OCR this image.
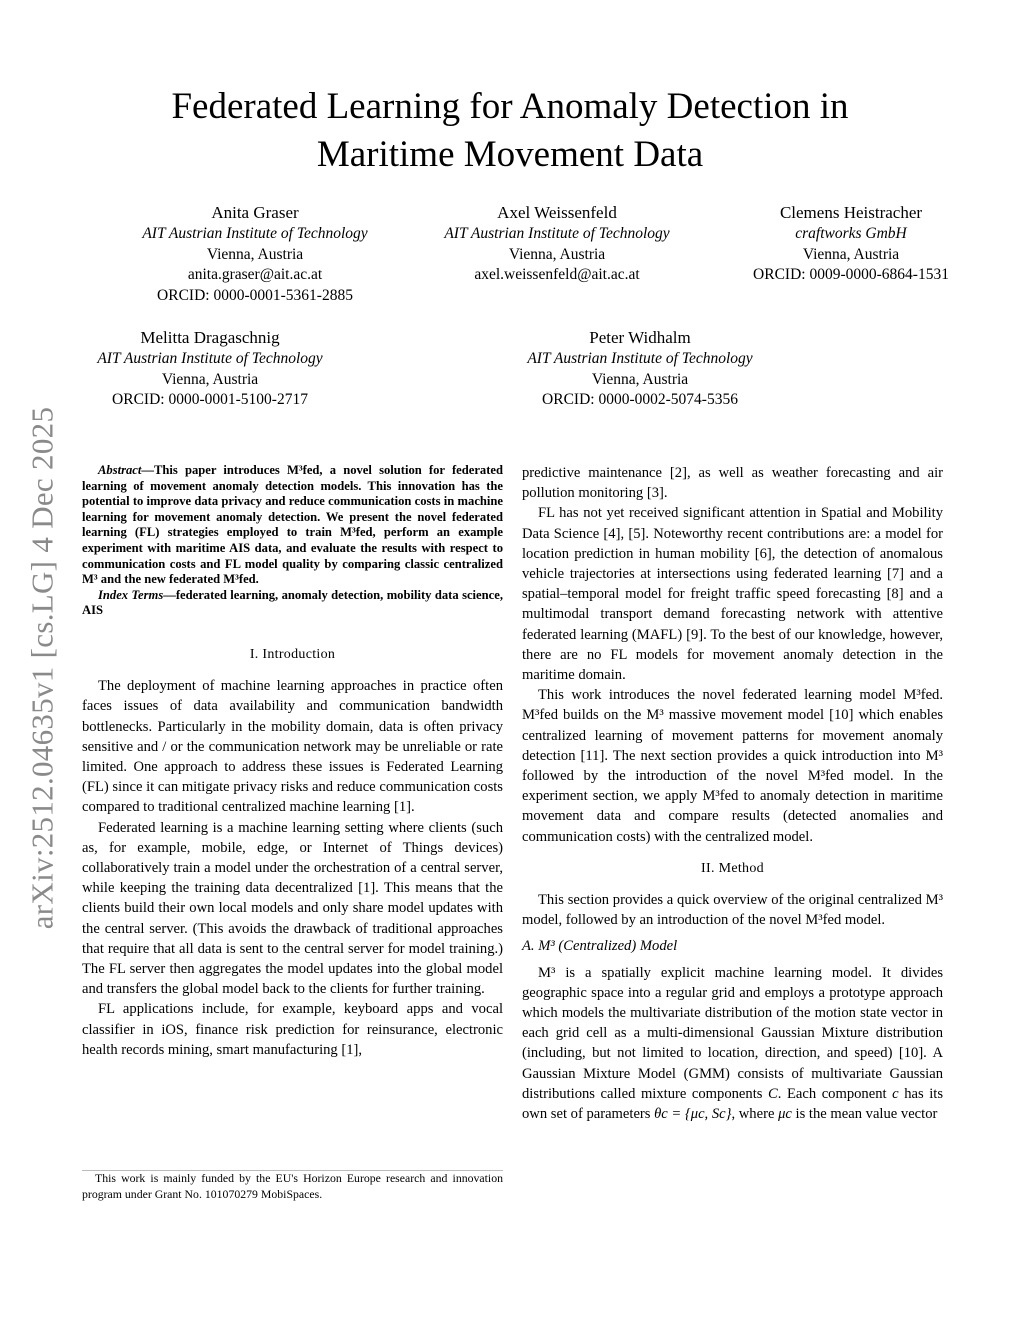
arXiv:2512.04635v1 [cs.LG] 4 Dec 2025
Federated Learning for Anomaly Detection in Maritime Movement Data
Anita Graser
AIT Austrian Institute of Technology
Vienna, Austria
anita.graser@ait.ac.at
ORCID: 0000-0001-5361-2885
Axel Weissenfeld
AIT Austrian Institute of Technology
Vienna, Austria
axel.weissenfeld@ait.ac.at
Clemens Heistracher
craftworks GmbH
Vienna, Austria
ORCID: 0009-0000-6864-1531
Melitta Dragaschnig
AIT Austrian Institute of Technology
Vienna, Austria
ORCID: 0000-0001-5100-2717
Peter Widhalm
AIT Austrian Institute of Technology
Vienna, Austria
ORCID: 0000-0002-5074-5356

Abstract—This paper introduces M³fed, a novel solution for federated learning of movement anomaly detection models. This innovation has the potential to improve data privacy and reduce communication costs in machine learning for movement anomaly detection. We present the novel federated learning (FL) strategies employed to train M³fed, perform an example experiment with maritime AIS data, and evaluate the results with respect to communication costs and FL model quality by comparing classic centralized M³ and the new federated M³fed.

Index Terms—federated learning, anomaly detection, mobility data science, AIS

I. Introduction

The deployment of machine learning approaches in practice often faces issues of data availability and communication bandwidth bottlenecks. Particularly in the mobility domain, data is often privacy sensitive and / or the communication network may be unreliable or rate limited. One approach to address these issues is Federated Learning (FL) since it can mitigate privacy risks and reduce communication costs compared to traditional centralized machine learning [1].

Federated learning is a machine learning setting where clients (such as, for example, mobile, edge, or Internet of Things devices) collaboratively train a model under the orchestration of a central server, while keeping the training data decentralized [1]. This means that the clients build their own local models and only share model updates with the central server. (This avoids the drawback of traditional approaches that require that all data is sent to the central server for model training.) The FL server then aggregates the model updates into the global model and transfers the global model back to the clients for further training.

FL applications include, for example, keyboard apps and vocal classifier in iOS, finance risk prediction for reinsurance, electronic health records mining, smart manufacturing [1],

predictive maintenance [2], as well as weather forecasting and air pollution monitoring [3].

FL has not yet received significant attention in Spatial and Mobility Data Science [4], [5]. Noteworthy recent contributions are: a model for location prediction in human mobility [6], the detection of anomalous vehicle trajectories at intersections using federated learning [7] and a spatial–temporal model for freight traffic speed forecasting [8] and a multimodal transport demand forecasting network with attentive federated learning (MAFL) [9]. To the best of our knowledge, however, there are no FL models for movement anomaly detection in the maritime domain.

This work introduces the novel federated learning model M³fed. M³fed builds on the M³ massive movement model [10] which enables centralized learning of movement patterns for movement anomaly detection [11]. The next section provides a quick introduction into M³ followed by the introduction of the novel M³fed model. In the experiment section, we apply M³fed to anomaly detection in maritime movement data and compare results (detected anomalies and communication costs) with the centralized model.

II. Method

This section provides a quick overview of the original centralized M³ model, followed by an introduction of the novel M³fed model.

A. M³ (Centralized) Model

M³ is a spatially explicit machine learning model. It divides geographic space into a regular grid and employs a prototype approach which models the multivariate distribution of the motion state vector in each grid cell as a multi-dimensional Gaussian Mixture distribution (including, but not limited to location, direction, and speed) [10]. A Gaussian Mixture Model (GMM) consists of multivariate Gaussian distributions called mixture components C. Each component c has its own set of parameters θc = {μc, Sc}, where μc is the mean value vector

This work is mainly funded by the EU's Horizon Europe research and innovation program under Grant No. 101070279 MobiSpaces.
